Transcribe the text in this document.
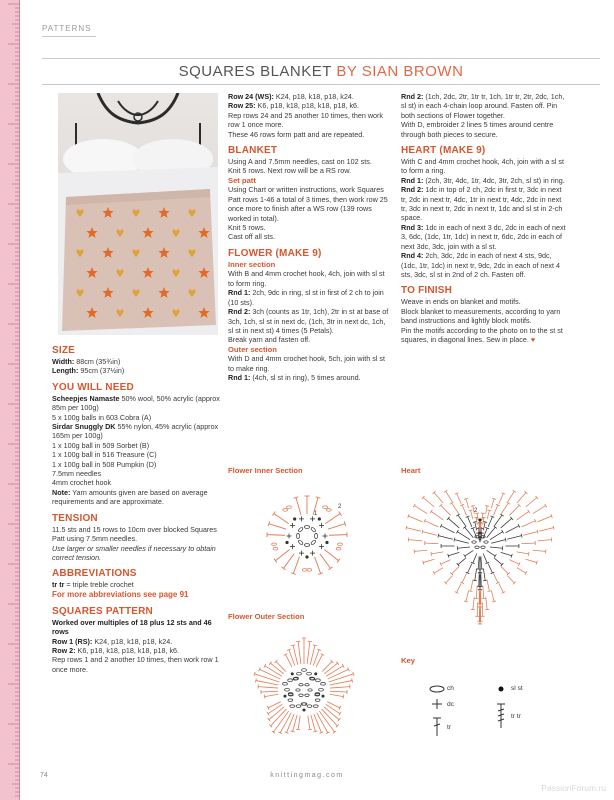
PATTERNS
SQUARES BLANKET BY SIAN BROWN
SIZE

Width: 88cm (35¾in)

Length: 95cm (37½in)

YOU WILL NEED

Scheepjes Namaste 50% wool, 50% acrylic (approx 85m per 100g)

5 x 100g balls in 603 Cobra (A)

Sirdar Snuggly DK 55% nylon, 45% acrylic (approx 165m per 100g)

1 x 100g ball in 509 Sorbet (B)

1 x 100g ball in 516 Treasure (C)

1 x 100g ball in 508 Pumpkin (D)

7.5mm needles

4mm crochet hook

Note: Yarn amounts given are based on average requirements and are approximate.

TENSION

11.5 sts and 15 rows to 10cm over blocked Squares Patt using 7.5mm needles.

Use larger or smaller needles if necessary to obtain correct tension.

ABBREVIATIONS

tr tr = triple treble crochet

For more abbreviations see page 91

SQUARES PATTERN

Worked over multiples of 18 plus 12 sts and 46 rows

Row 1 (RS): K24, p18, k18, p18, k24.

Row 2: K6, p18, k18, p18, k18, p18, k6.

Rep rows 1 and 2 another 10 times, then work row 1 once more.

Row 24 (WS): K24, p18, k18, p18, k24.

Row 25: K6, p18, k18, p18, k18, p18, k6.

Rep rows 24 and 25 another 10 times, then work row 1 once more.

These 46 rows form patt and are repeated.

BLANKET

Using A and 7.5mm needles, cast on 102 sts.

Knit 5 rows. Next row will be a RS row.

Set patt

Using Chart or written instructions, work Squares Patt rows 1-46 a total of 3 times, then work row 25 once more to finish after a WS row (139 rows worked in total).

Knit 5 rows.

Cast off all sts.

FLOWER (MAKE 9)

Inner section

With B and 4mm crochet hook, 4ch, join with sl st to form ring.

Rnd 1: 2ch, 9dc in ring, sl st in first of 2 ch to join (10 sts).

Rnd 2: 3ch (counts as 1tr, 1ch), 2tr in st at base of 3ch, 1ch, sl st in next dc, (1ch, 3tr in next dc, 1ch, sl st in next st) 4 times (5 Petals).

Break yarn and fasten off.

Outer section

With D and 4mm crochet hook, 5ch, join with sl st to make ring.

Rnd 1: (4ch, sl st in ring), 5 times around.

Rnd 2: (1ch, 2dc, 2tr, 1tr tr, 1ch, 1tr tr, 2tr, 2dc, 1ch, sl st) in each 4-chain loop around. Fasten off. Pin both sections of Flower together.

With D, embroider 2 lines 5 times around centre through both pieces to secure.

HEART (MAKE 9)

With C and 4mm crochet hook, 4ch, join with a sl st to form a ring.

Rnd 1: (2ch, 3tr, 4dc, 1tr, 4dc, 3tr, 2ch, sl st) in ring.

Rnd 2: 1dc in top of 2 ch, 2dc in first tr, 3dc in next tr, 2dc in next tr, 4dc, 1tr in next tr, 4dc, 2dc in next tr, 3dc in next tr, 2dc in next tr, 1dc and sl st in 2-ch space.

Rnd 3: 1dc in each of next 3 dc, 2dc in each of next 3, 6dc, (1dc, 1tr, 1dc) in next tr, 6dc, 2dc in each of next 3dc, 3dc, join with a sl st.

Rnd 4: 2ch, 3dc, 2dc in each of next 4 sts, 9dc, (1dc, 1tr, 1dc) in next tr, 9dc, 2dc in each of next 4 sts, 3dc, sl st in 2nd of 2 ch. Fasten off.

TO FINISH

Weave in ends on blanket and motifs.

Block blanket to measurements, according to yarn band instructions and lightly block motifs.

Pin the motifs according to the photo on to the st st squares, in diagonal lines. Sew in place. ♥

Flower Inner Section
Flower Outer Section
Heart
Key
1
2
2
ch	sl st
dc
tr
tr tr
74	knittingmag.com
PassionForum.ru
